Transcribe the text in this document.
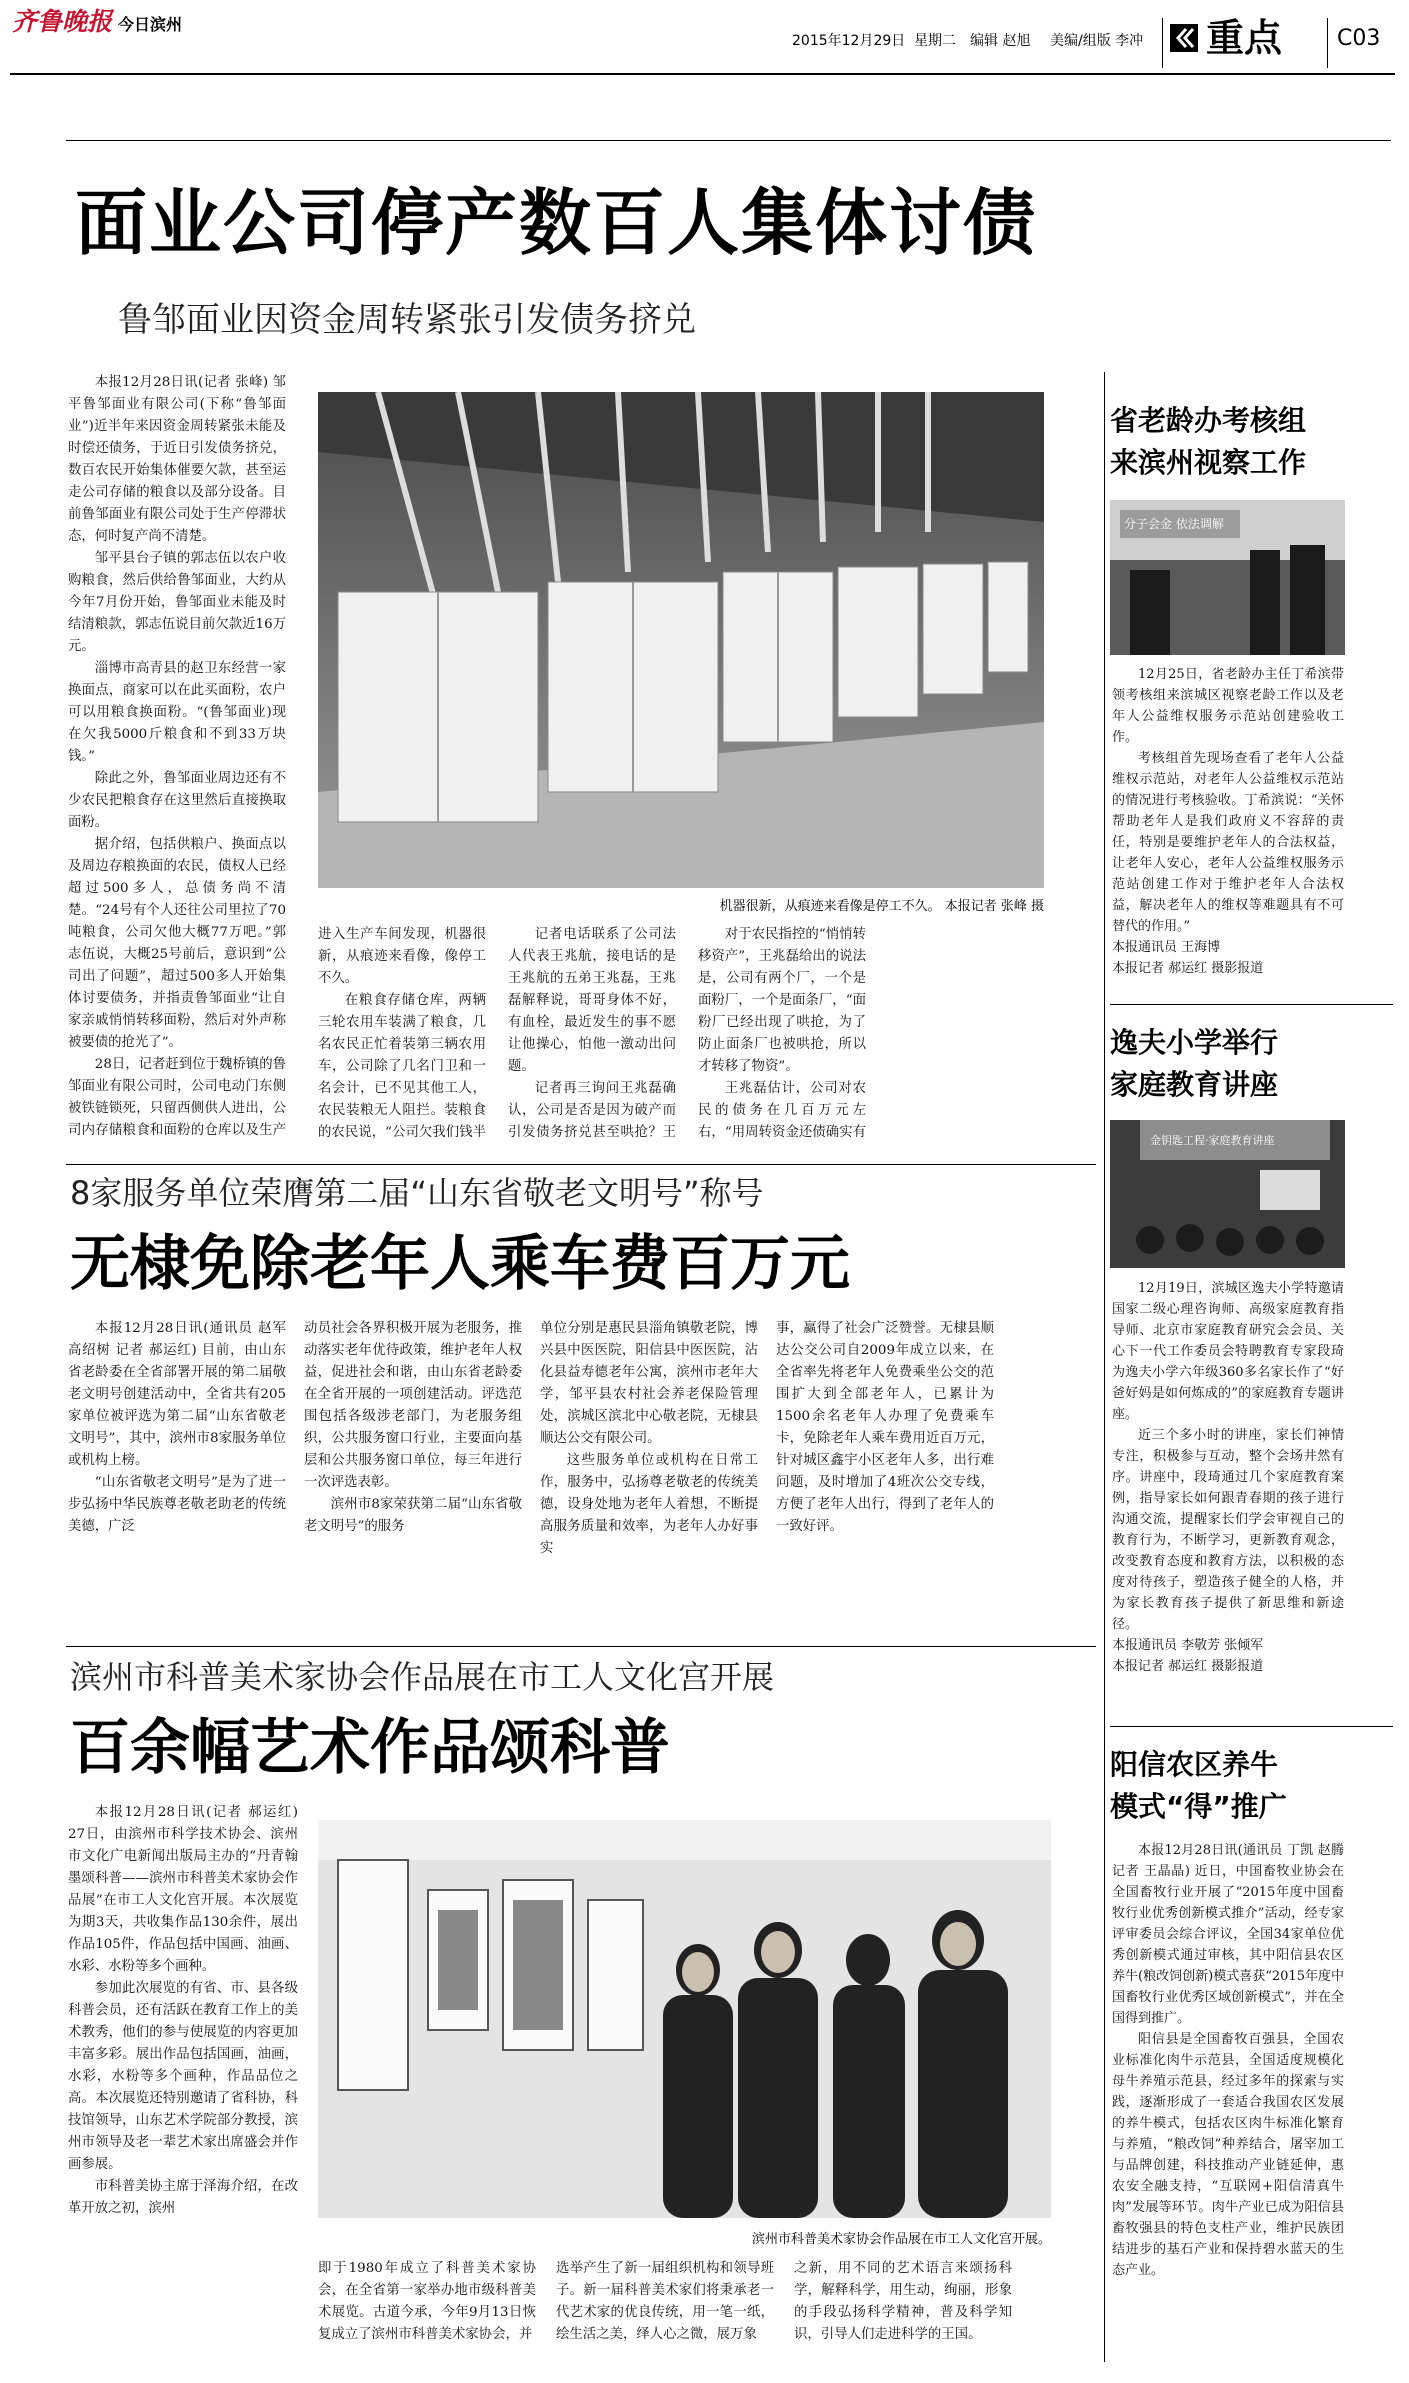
齐鲁晚报 今日滨州
2015年12月29日 星期二 编辑 赵旭 美编/组版 李冲 重点 C03
面业公司停产数百人集体讨债
鲁邹面业因资金周转紧张引发债务挤兑

本报12月28日讯(记者 张峰) 邹平鲁邹面业有限公司(下称“鲁邹面业”)近半年来因资金周转紧张未能及时偿还债务，于近日引发债务挤兑，数百农民开始集体催要欠款，甚至运走公司存储的粮食以及部分设备。目前鲁邹面业有限公司处于生产停滞状态，何时复产尚不清楚。

邹平县台子镇的郭志伍以农户收购粮食，然后供给鲁邹面业，大约从今年7月份开始，鲁邹面业未能及时结清粮款，郭志伍说目前欠款近16万元。

淄博市高青县的赵卫东经营一家换面点，商家可以在此买面粉，农户可以用粮食换面粉。“(鲁邹面业)现在欠我5000斤粮食和不到33万块钱。”

除此之外，鲁邹面业周边还有不少农民把粮食存在这里然后直接换取面粉。

据介绍，包括供粮户、换面点以及周边存粮换面的农民，债权人已经超过500多人，总债务尚不清楚。“24号有个人还往公司里拉了70吨粮食，公司欠他大概77万吧。”郭志伍说，大概25号前后，意识到“公司出了问题”，超过500多人开始集体讨要债务，并指责鲁邹面业“让自家亲戚悄悄转移面粉，然后对外声称被要债的抢光了”。

28日，记者赶到位于魏桥镇的鲁邹面业有限公司时，公司电动门东侧被铁链锁死，只留西侧供人进出，公司内存储粮食和面粉的仓库以及生产

机器很新，从痕迹来看像是停工不久。 本报记者 张峰 摄

进入生产车间发现，机器很新，从痕迹来看像，像停工不久。

在粮食存储仓库，两辆三轮农用车装满了粮食，几名农民正忙着装第三辆农用车，公司除了几名门卫和一名会计，已不见其他工人，农民装粮无人阻拦。装粮食的农民说，“公司欠我们钱半

记者电话联系了公司法人代表王兆航，接电话的是王兆航的五弟王兆磊，王兆磊解释说，哥哥身体不好，有血栓，最近发生的事不愿让他操心，怕他一激动出问题。

记者再三询问王兆磊确认，公司是否是因为破产而引发债务挤兑甚至哄抢？王

对于农民指控的“悄悄转移资产”，王兆磊给出的说法是，公司有两个厂，一个是面粉厂，一个是面条厂，“面粉厂已经出现了哄抢，为了防止面条厂也被哄抢，所以才转移了物资”。

王兆磊估计，公司对农民的债务在几百万元左右，“用周转资金还债确实有

8家服务单位荣膺第二届“山东省敬老文明号”称号
无棣免除老年人乘车费百万元

本报12月28日讯(通讯员 赵军 高绍树 记者 郝运红) 目前，由山东省老龄委在全省部署开展的第二届敬老文明号创建活动中，全省共有205家单位被评选为第二届“山东省敬老文明号”，其中，滨州市8家服务单位或机构上榜。

“山东省敬老文明号”是为了进一步弘扬中华民族尊老敬老助老的传统美德，广泛

动员社会各界积极开展为老服务，推动落实老年优待政策，维护老年人权益，促进社会和谐，由山东省老龄委在全省开展的一项创建活动。评选范围包括各级涉老部门，为老服务组织，公共服务窗口行业，主要面向基层和公共服务窗口单位，每三年进行一次评选表彰。

滨州市8家荣获第二届“山东省敬老文明号”的服务

单位分别是惠民县淄角镇敬老院，博兴县中医医院，阳信县中医医院，沾化县益寿德老年公寓，滨州市老年大学，邹平县农村社会养老保险管理处，滨城区滨北中心敬老院，无棣县顺达公交有限公司。

这些服务单位或机构在日常工作，服务中，弘扬尊老敬老的传统美德，设身处地为老年人着想，不断提高服务质量和效率，为老年人办好事实

事，赢得了社会广泛赞誉。无棣县顺达公交公司自2009年成立以来，在全省率先将老年人免费乘坐公交的范围扩大到全部老年人，已累计为1500余名老年人办理了免费乘车卡，免除老年人乘车费用近百万元，针对城区鑫宇小区老年人多，出行难问题，及时增加了4班次公交专线，方便了老年人出行，得到了老年人的一致好评。

滨州市科普美术家协会作品展在市工人文化宫开展
百余幅艺术作品颂科普

本报12月28日讯(记者 郝运红) 27日，由滨州市科学技术协会、滨州市文化广电新闻出版局主办的“丹青翰墨颂科普——滨州市科普美术家协会作品展”在市工人文化宫开展。本次展览为期3天，共收集作品130余件，展出作品105件，作品包括中国画、油画、水彩、水粉等多个画种。

参加此次展览的有省、市、县各级科普会员，还有活跃在教育工作上的美术教秀，他们的参与使展览的内容更加丰富多彩。展出作品包括国画，油画，水彩，水粉等多个画种，作品品位之高。本次展览还特别邀请了省科协，科技馆领导，山东艺术学院部分教授，滨州市领导及老一辈艺术家出席盛会并作画参展。

市科普美协主席于泽海介绍，在改革开放之初，滨州

滨州市科普美术家协会作品展在市工人文化宫开展。

即于1980年成立了科普美术家协会，在全省第一家举办地市级科普美术展览。古道今承，今年9月13日恢复成立了滨州市科普美术家协会，并

选举产生了新一届组织机构和领导班子。新一届科普美术家们将秉承老一代艺术家的优良传统，用一笔一纸，绘生活之美，绎人心之微，展万象

之新，用不同的艺术语言来颂扬科学，解释科学，用生动，绚丽，形象的手段弘扬科学精神，普及科学知识，引导人们走进科学的王国。

省老龄办考核组
来滨州视察工作
分子会金 依法调解

12月25日，省老龄办主任丁希滨带领考核组来滨城区视察老龄工作以及老年人公益维权服务示范站创建验收工作。

考核组首先现场查看了老年人公益维权示范站，对老年人公益维权示范站的情况进行考核验收。丁希滨说：“关怀帮助老年人是我们政府义不容辞的责任，特别是要维护老年人的合法权益，让老年人安心，老年人公益维权服务示范站创建工作对于维护老年人合法权益，解决老年人的维权等难题具有不可替代的作用。”

本报通讯员 王海博
本报记者 郝运红 摄影报道
逸夫小学举行
家庭教育讲座
金钥匙工程·家庭教育讲座

12月19日，滨城区逸夫小学特邀请国家二级心理咨询师、高级家庭教育指导师、北京市家庭教育研究会会员、关心下一代工作委员会特聘教育专家段琦为逸夫小学六年级360多名家长作了“好爸好妈是如何炼成的”的家庭教育专题讲座。

近三个多小时的讲座，家长们神情专注，积极参与互动，整个会场井然有序。讲座中，段琦通过几个家庭教育案例，指导家长如何跟青春期的孩子进行沟通交流，提醒家长们学会审视自己的教育行为，不断学习，更新教育观念，改变教育态度和教育方法，以积极的态度对待孩子，塑造孩子健全的人格，并为家长教育孩子提供了新思维和新途径。

本报通讯员 李敬芳 张倾军
本报记者 郝运红 摄影报道
阳信农区养牛
模式“得”推广

本报12月28日讯(通讯员 丁凯 赵腾 记者 王晶晶) 近日，中国畜牧业协会在全国畜牧行业开展了“2015年度中国畜牧行业优秀创新模式推介”活动，经专家评审委员会综合评议，全国34家单位优秀创新模式通过审核，其中阳信县农区养牛(粮改饲创新)模式喜获“2015年度中国畜牧行业优秀区域创新模式”，并在全国得到推广。

阳信县是全国畜牧百强县，全国农业标准化肉牛示范县，全国适度规模化母牛养殖示范县，经过多年的探索与实践，逐渐形成了一套适合我国农区发展的养牛模式，包括农区肉牛标准化繁育与养殖，“粮改饲”种养结合，屠宰加工与品牌创建，科技推动产业链延伸，惠农安全融支持，“互联网+阳信清真牛肉”发展等环节。肉牛产业已成为阳信县畜牧强县的特色支柱产业，维护民族团结进步的基石产业和保持碧水蓝天的生态产业。
